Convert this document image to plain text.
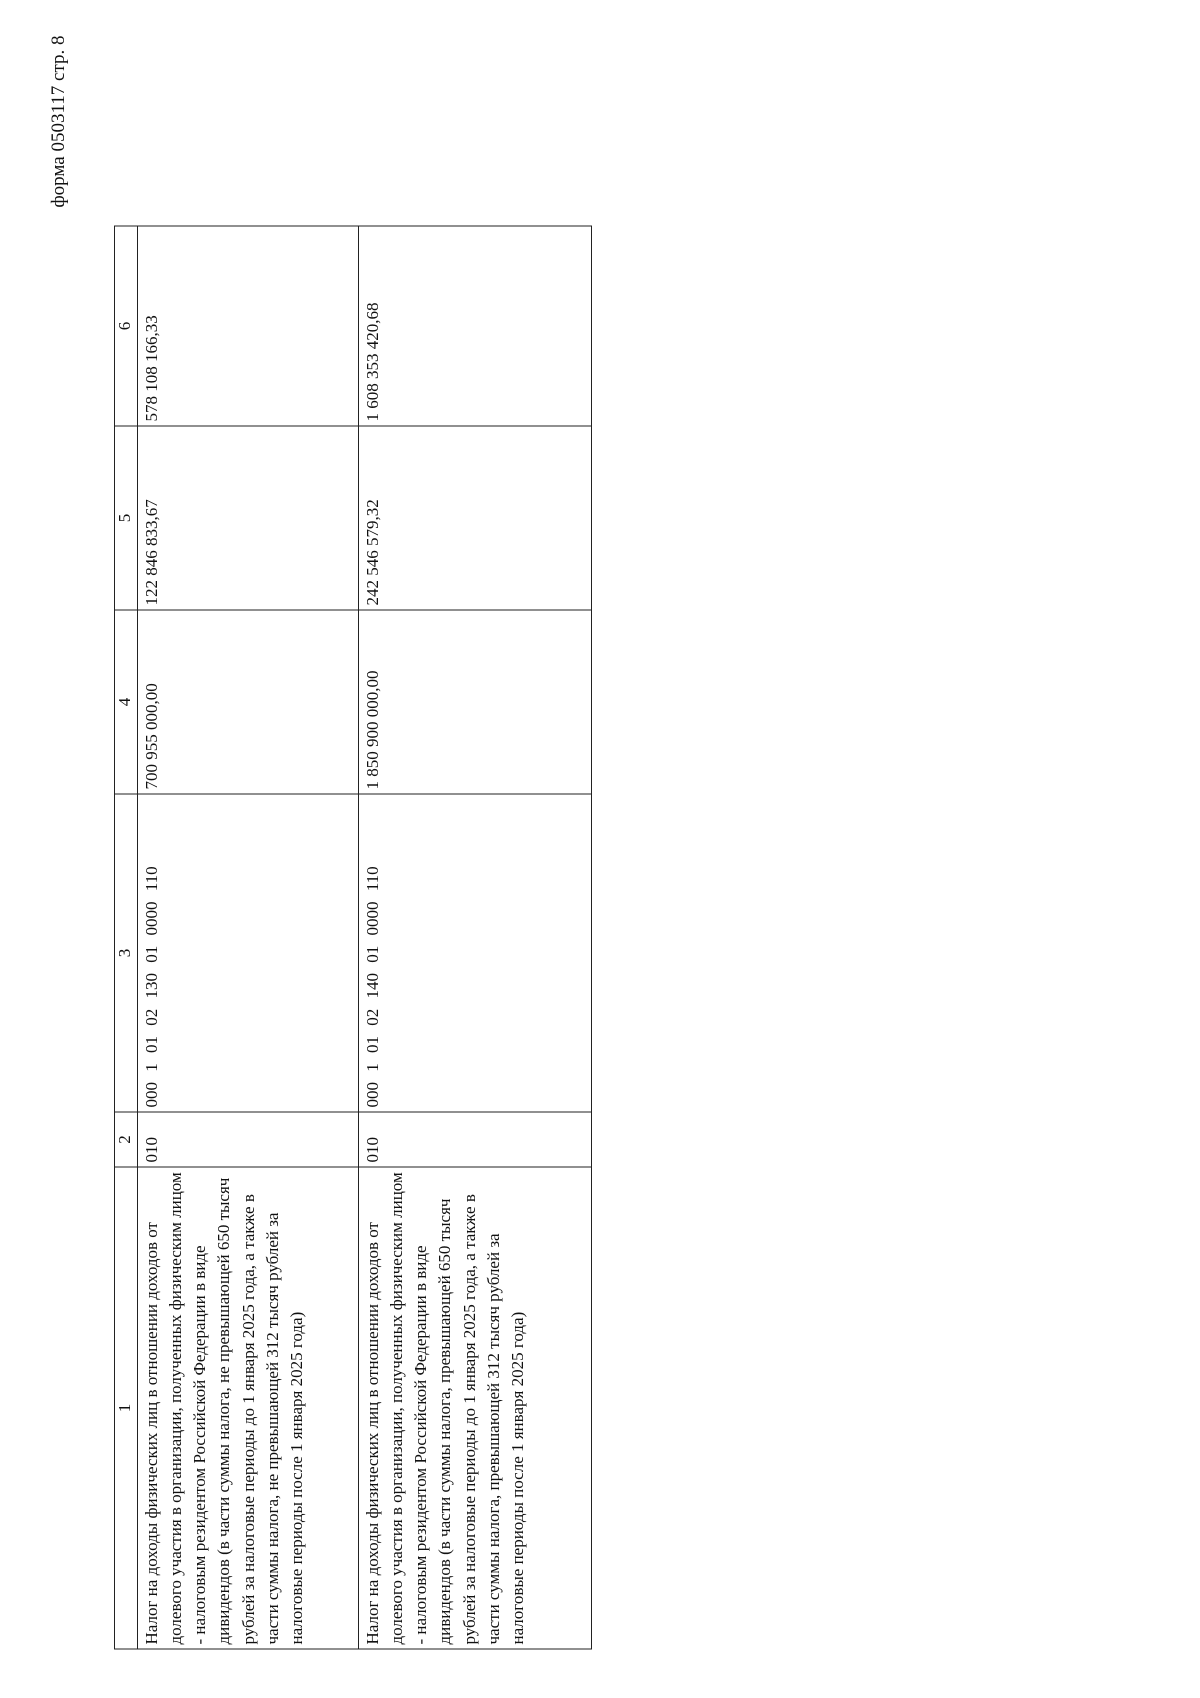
форма 0503117 стр. 8
1	2	3	4	5	6

Налог на доходы физических лиц в отношении доходов от долевого участия в организации, полученных физическим лицом - налоговым резидентом Российской Федерации в виде дивидендов (в части суммы налога, не превышающей 650 тысяч рублей за налоговые периоды до 1 января 2025 года, а также в части суммы налога, не превышающей 312 тысяч рублей за налоговые периоды после 1 января 2025 года)	010	000 1 01 02 130 01 0000 110	700 955 000,00	122 846 833,67	578 108 166,33

Налог на доходы физических лиц в отношении доходов от долевого участия в организации, полученных физическим лицом - налоговым резидентом Российской Федерации в виде дивидендов (в части суммы налога, превышающей 650 тысяч рублей за налоговые периоды до 1 января 2025 года, а также в части суммы налога, превышающей 312 тысяч рублей за налоговые периоды после 1 января 2025 года)	010	000 1 01 02 140 01 0000 110	1 850 900 000,00	242 546 579,32	1 608 353 420,68
